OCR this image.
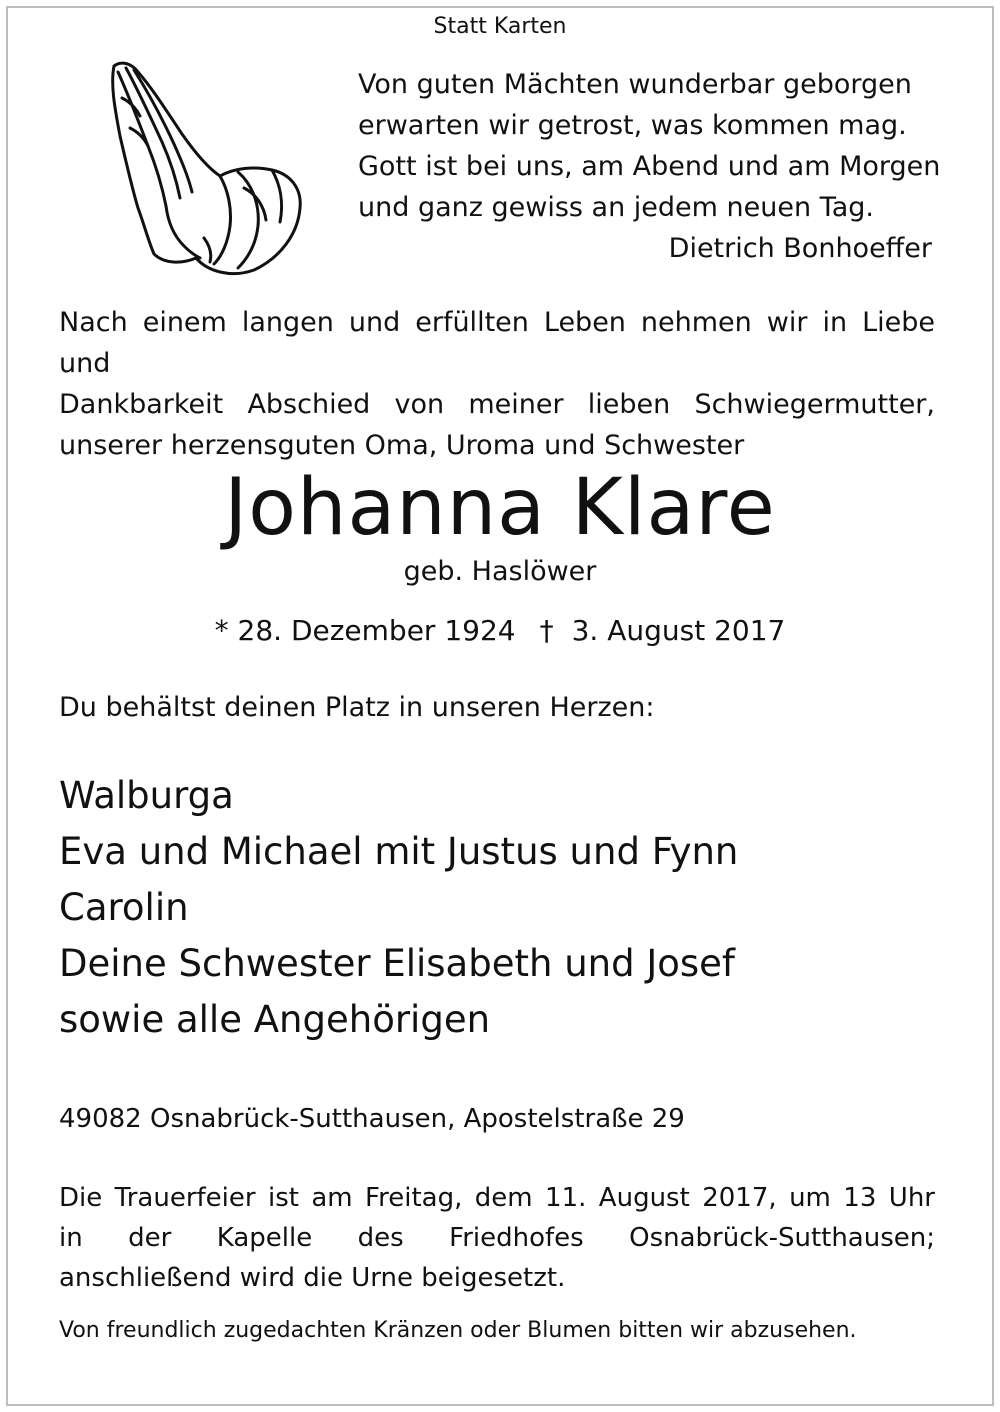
Statt Karten
Von guten Mächten wunderbar geborgen
erwarten wir getrost, was kommen mag.
Gott ist bei uns, am Abend und am Morgen
und ganz gewiss an jedem neuen Tag.
Dietrich Bonhoeffer
Nach einem langen und erfüllten Leben nehmen wir in Liebe und
Dankbarkeit Abschied von meiner lieben Schwiegermutter,
unserer herzensguten Oma, Uroma und Schwester
Johanna Klare
geb. Haslöwer
* 28. Dezember 1924 † 3. August 2017
Du behältst deinen Platz in unseren Herzen:
Walburga
Eva und Michael mit Justus und Fynn
Carolin
Deine Schwester Elisabeth und Josef
sowie alle Angehörigen
49082 Osnabrück-Sutthausen, Apostelstraße 29
Die Trauerfeier ist am Freitag, dem 11. August 2017, um 13 Uhr
in der Kapelle des Friedhofes Osnabrück-Sutthausen;
anschließend wird die Urne beigesetzt.
Von freundlich zugedachten Kränzen oder Blumen bitten wir abzusehen.
